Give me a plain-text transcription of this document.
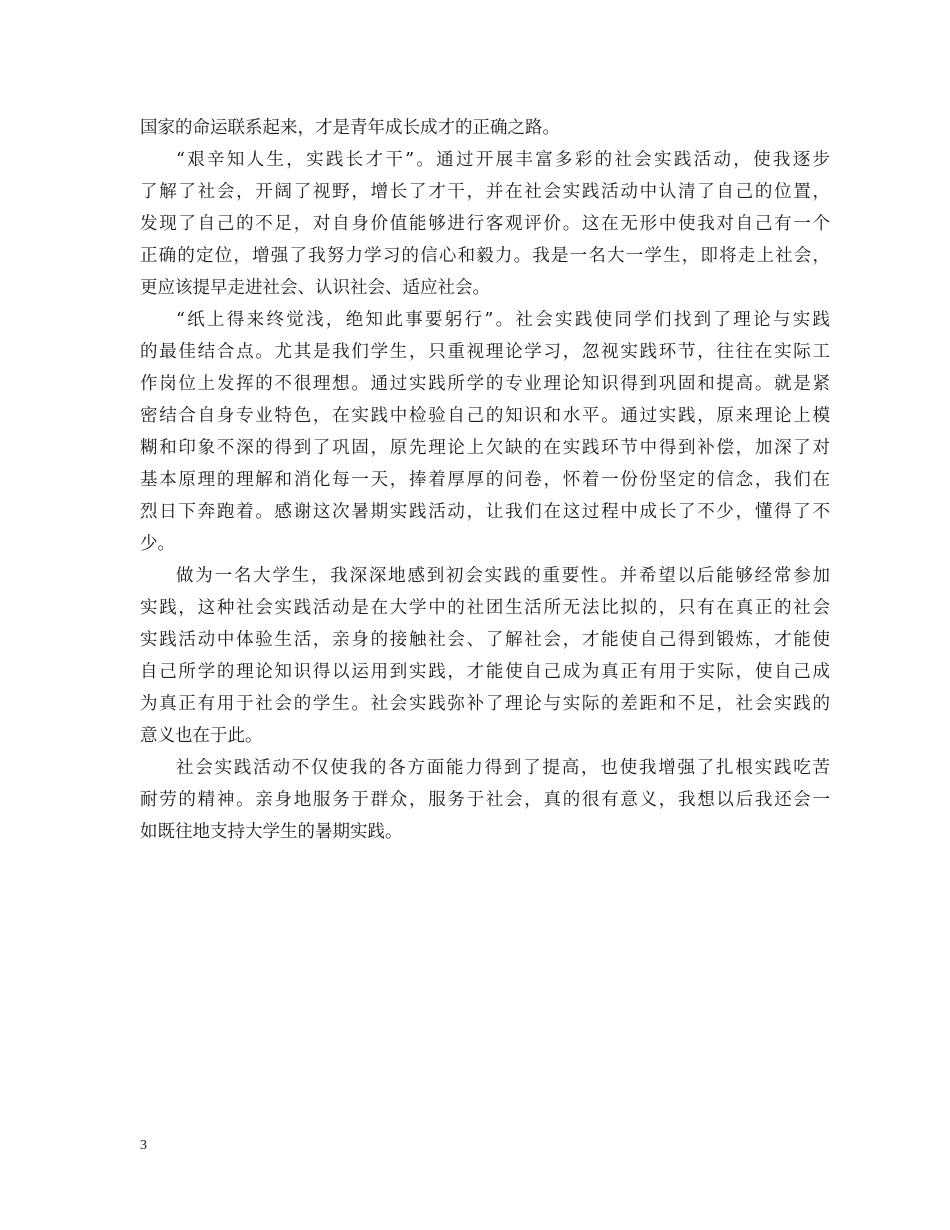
国家的命运联系起来，才是青年成长成才的正确之路。
“艰辛知人生，实践长才干”。通过开展丰富多彩的社会实践活动，使我逐步
了解了社会，开阔了视野，增长了才干，并在社会实践活动中认清了自己的位置，
发现了自己的不足，对自身价值能够进行客观评价。这在无形中使我对自己有一个
正确的定位，增强了我努力学习的信心和毅力。我是一名大一学生，即将走上社会，
更应该提早走进社会、认识社会、适应社会。
“纸上得来终觉浅，绝知此事要躬行”。社会实践使同学们找到了理论与实践
的最佳结合点。尤其是我们学生，只重视理论学习，忽视实践环节，往往在实际工
作岗位上发挥的不很理想。通过实践所学的专业理论知识得到巩固和提高。就是紧
密结合自身专业特色，在实践中检验自己的知识和水平。通过实践，原来理论上模
糊和印象不深的得到了巩固，原先理论上欠缺的在实践环节中得到补偿，加深了对
基本原理的理解和消化每一天，捧着厚厚的问卷，怀着一份份坚定的信念，我们在
烈日下奔跑着。感谢这次暑期实践活动，让我们在这过程中成长了不少，懂得了不
少。
做为一名大学生，我深深地感到初会实践的重要性。并希望以后能够经常参加
实践，这种社会实践活动是在大学中的社团生活所无法比拟的，只有在真正的社会
实践活动中体验生活，亲身的接触社会、了解社会，才能使自己得到锻炼，才能使
自己所学的理论知识得以运用到实践，才能使自己成为真正有用于实际，使自己成
为真正有用于社会的学生。社会实践弥补了理论与实际的差距和不足，社会实践的
意义也在于此。
社会实践活动不仅使我的各方面能力得到了提高，也使我增强了扎根实践吃苦
耐劳的精神。亲身地服务于群众，服务于社会，真的很有意义，我想以后我还会一
如既往地支持大学生的暑期实践。
3
